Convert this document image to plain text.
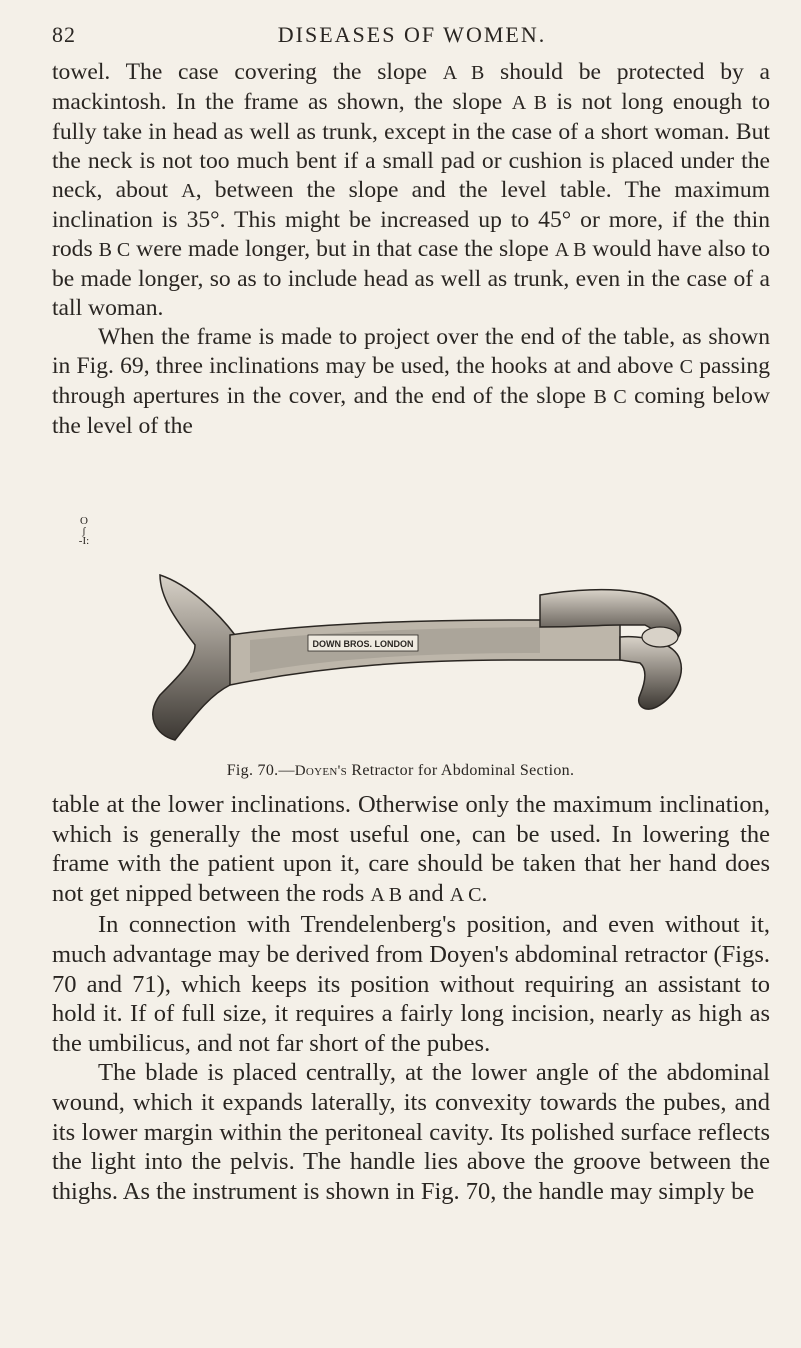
82	DISEASES OF WOMEN.

towel. The case covering the slope A B should be protected by a mackintosh. In the frame as shown, the slope A B is not long enough to fully take in head as well as trunk, except in the case of a short woman. But the neck is not too much bent if a small pad or cushion is placed under the neck, about A, between the slope and the level table. The maximum inclination is 35°. This might be increased up to 45° or more, if the thin rods B C were made longer, but in that case the slope A B would have also to be made longer, so as to include head as well as trunk, even in the case of a tall woman.

When the frame is made to project over the end of the table, as shown in Fig. 69, three inclinations may be used, the hooks at and above C passing through apertures in the cover, and the end of the slope B C coming below the level of the

O
ʃ
-I:
DOWN BROS. LONDON
Fig. 70.—Doyen's Retractor for Abdominal Section.

table at the lower inclinations. Otherwise only the maximum inclination, which is generally the most useful one, can be used. In lowering the frame with the patient upon it, care should be taken that her hand does not get nipped between the rods A B and A C.

In connection with Trendelenberg's position, and even without it, much advantage may be derived from Doyen's abdominal retractor (Figs. 70 and 71), which keeps its position without requiring an assistant to hold it. If of full size, it requires a fairly long incision, nearly as high as the umbilicus, and not far short of the pubes.

The blade is placed centrally, at the lower angle of the abdominal wound, which it expands laterally, its convexity towards the pubes, and its lower margin within the peritoneal cavity. Its polished surface reflects the light into the pelvis. The handle lies above the groove between the thighs. As the instrument is shown in Fig. 70, the handle may simply be
